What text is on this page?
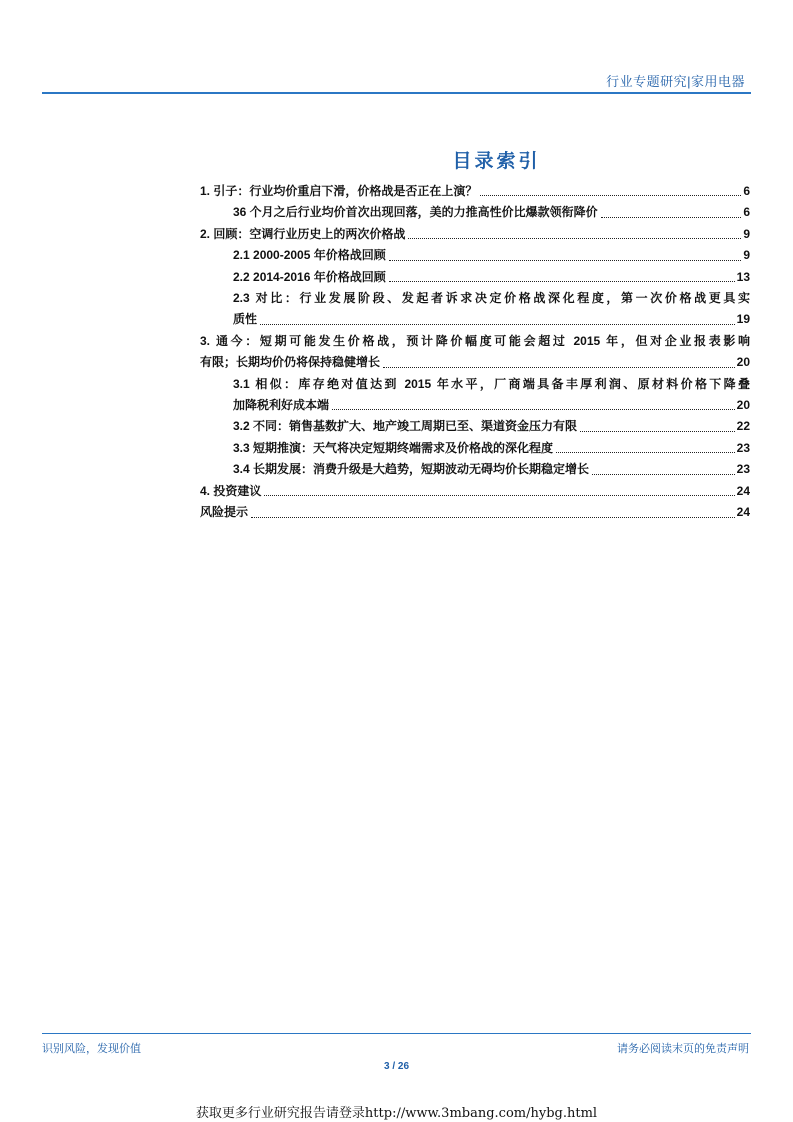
行业专题研究|家用电器
目录索引
1. 引子：行业均价重启下滑，价格战是否正在上演？	6
36 个月之后行业均价首次出现回落，美的力推高性价比爆款领衔降价	6
2. 回顾：空调行业历史上的两次价格战	9
2.1 2000-2005 年价格战回顾	9
2.2 2014-2016 年价格战回顾	13
2.3 对比：行业发展阶段、发起者诉求决定价格战深化程度，第一次价格战更具实
质性	19
3. 通今：短期可能发生价格战，预计降价幅度可能会超过 2015 年，但对企业报表影响
有限；长期均价仍将保持稳健增长	20
3.1 相似：库存绝对值达到 2015 年水平，厂商端具备丰厚利润、原材料价格下降叠
加降税利好成本端	20
3.2 不同：销售基数扩大、地产竣工周期已至、渠道资金压力有限	22
3.3 短期推演：天气将决定短期终端需求及价格战的深化程度	23
3.4 长期发展：消费升级是大趋势，短期波动无碍均价长期稳定增长	23
4. 投资建议	24
风险提示	24
识别风险，发现价值	请务必阅读末页的免责声明
3 / 26
获取更多行业研究报告请登录http://www.3mbang.com/hybg.html
